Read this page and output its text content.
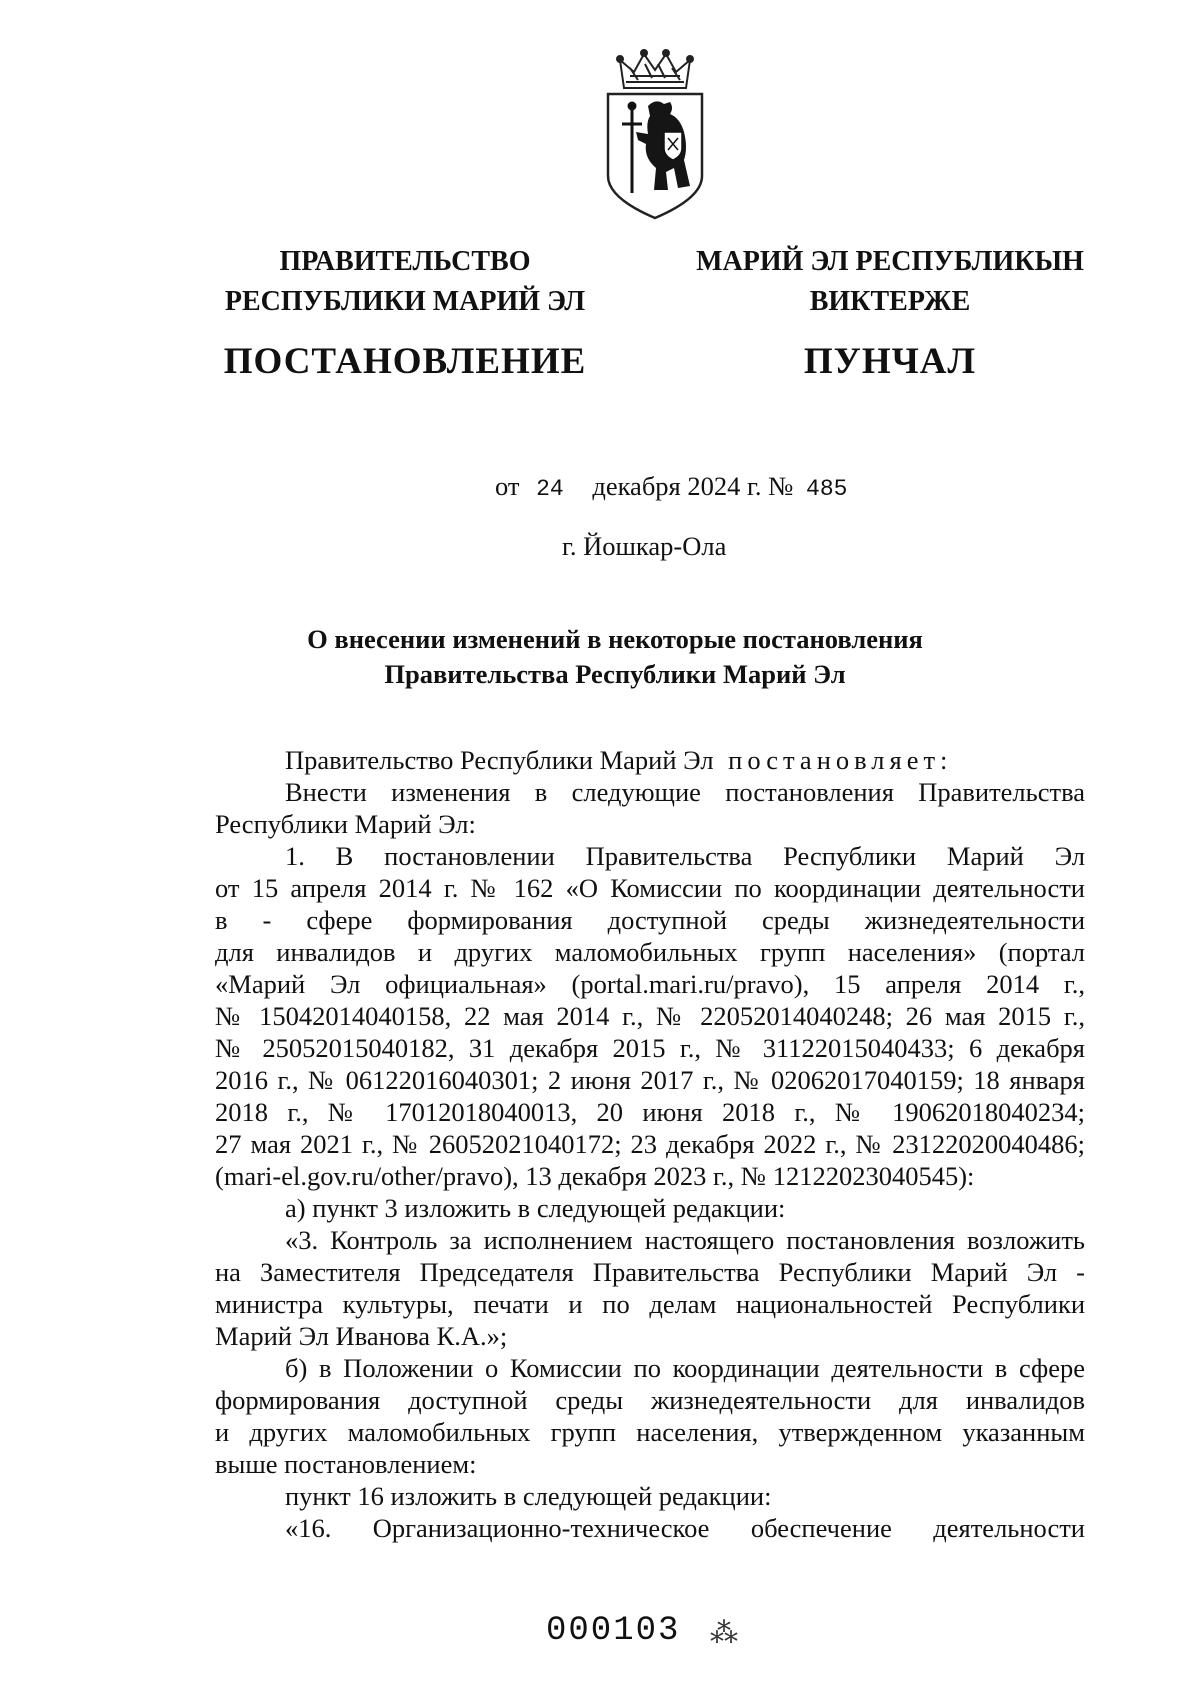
ПРАВИТЕЛЬСТВО
РЕСПУБЛИКИ МАРИЙ ЭЛ
ПОСТАНОВЛЕНИЕ
МАРИЙ ЭЛ РЕСПУБЛИКЫН
ВИКТЕРЖЕ
ПУНЧАЛ
от 24 декабря 2024 г. № 485
г. Йошкар-Ола
О внесении изменений в некоторые постановления
Правительства Республики Марий Эл
Правительство Республики Марий Эл постановляет:
Внести изменения в следующие постановления Правительства
Республики Марий Эл:
1. В постановлении Правительства Республики Марий Эл
от 15 апреля 2014 г. № 162 «О Комиссии по координации деятельности
в - сфере формирования доступной среды жизнедеятельности
для инвалидов и других маломобильных групп населения» (портал
«Марий Эл официальная» (portal.mari.ru/pravo), 15 апреля 2014 г.,
№ 15042014040158, 22 мая 2014 г., № 22052014040248; 26 мая 2015 г.,
№ 25052015040182, 31 декабря 2015 г., № 31122015040433; 6 декабря
2016 г., № 06122016040301; 2 июня 2017 г., № 02062017040159; 18 января
2018 г., № 17012018040013, 20 июня 2018 г., № 19062018040234;
27 мая 2021 г., № 26052021040172; 23 декабря 2022 г., № 23122020040486;
(mari-el.gov.ru/other/pravo), 13 декабря 2023 г., № 12122023040545):
а) пункт 3 изложить в следующей редакции:
«3. Контроль за исполнением настоящего постановления возложить
на Заместителя Председателя Правительства Республики Марий Эл -
министра культуры, печати и по делам национальностей Республики
Марий Эл Иванова К.А.»;
б) в Положении о Комиссии по координации деятельности в сфере
формирования доступной среды жизнедеятельности для инвалидов
и других маломобильных групп населения, утвержденном указанным
выше постановлением:
пункт 16 изложить в следующей редакции:
«16. Организационно-техническое обеспечение деятельности
000103 ⁂
